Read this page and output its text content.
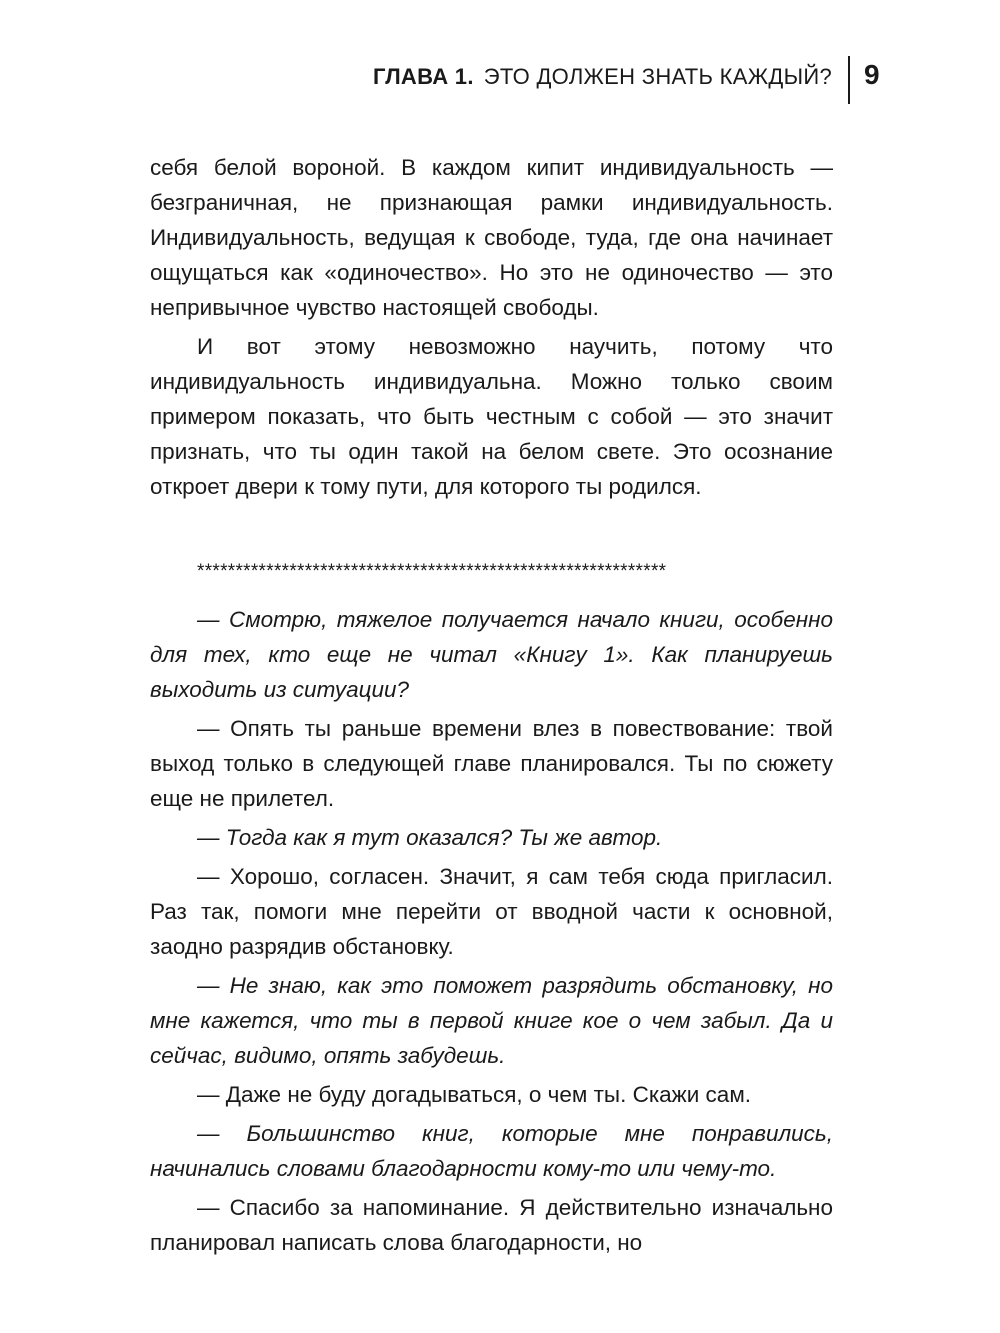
ГЛАВА 1. ЭТО ДОЛЖЕН ЗНАТЬ КАЖДЫЙ? 9

себя белой вороной. В каждом кипит индивидуальность — безграничная, не признающая рамки индивидуальность. Индивидуальность, ведущая к свободе, туда, где она начинает ощущаться как «одиночество». Но это не одиночество — это непривычное чувство настоящей свободы.

И вот этому невозможно научить, потому что индивидуальность индивидуальна. Можно только своим примером показать, что быть честным с собой — это значит признать, что ты один такой на белом свете. Это осознание откроет двери к тому пути, для которого ты родился.

*************************************************************

— Смотрю, тяжелое получается начало книги, особенно для тех, кто еще не читал «Книгу 1». Как планируешь выходить из ситуации?

— Опять ты раньше времени влез в повествование: твой выход только в следующей главе планировался. Ты по сюжету еще не прилетел.

— Тогда как я тут оказался? Ты же автор.

— Хорошо, согласен. Значит, я сам тебя сюда пригласил. Раз так, помоги мне перейти от вводной части к основной, заодно разрядив обстановку.

— Не знаю, как это поможет разрядить обстановку, но мне кажется, что ты в первой книге кое о чем забыл. Да и сейчас, видимо, опять забудешь.

— Даже не буду догадываться, о чем ты. Скажи сам.

— Большинство книг, которые мне понравились, начинались словами благодарности кому-то или чему-то.

— Спасибо за напоминание. Я действительно изначально планировал написать слова благодарности, но
